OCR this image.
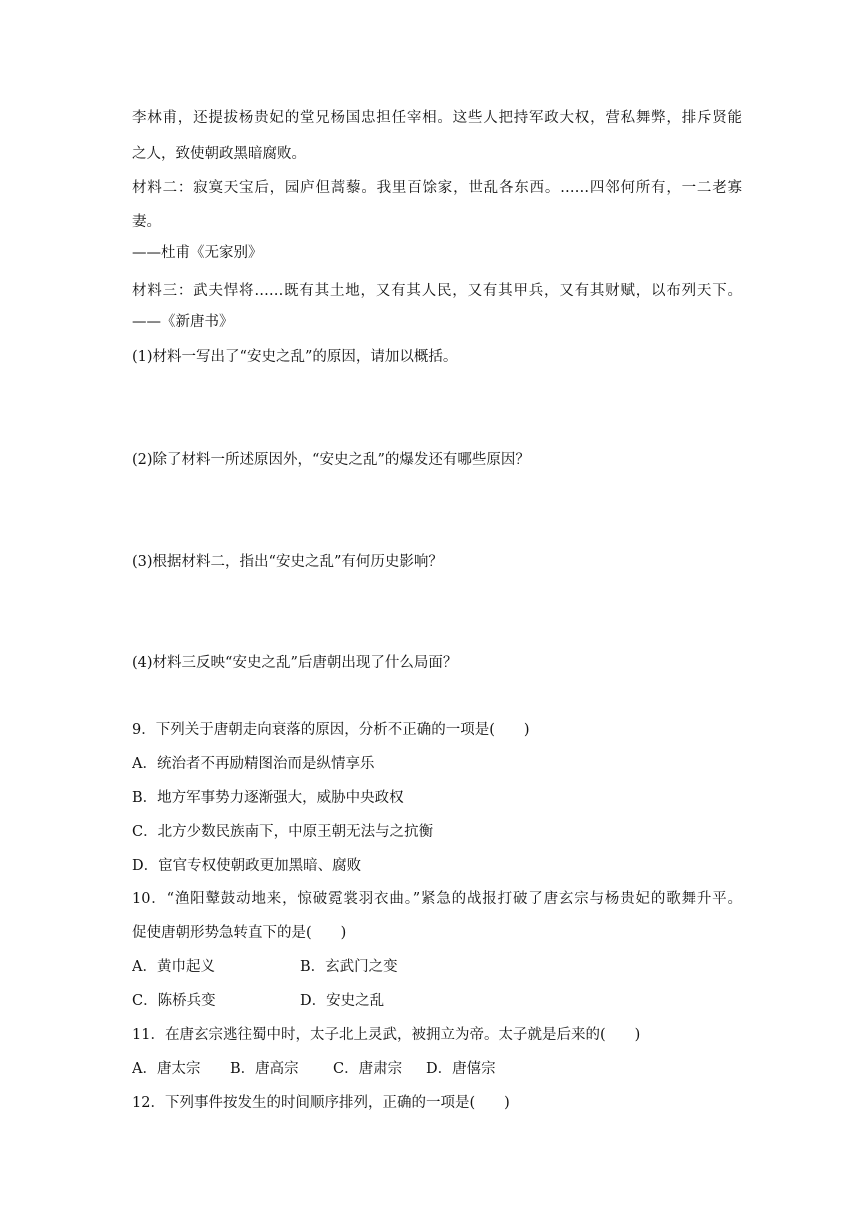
李林甫，还提拔杨贵妃的堂兄杨国忠担任宰相。这些人把持军政大权，营私舞弊，排斥贤能
之人，致使朝政黑暗腐败。
材料二：寂寞天宝后，园庐但蒿藜。我里百馀家，世乱各东西。……四邻何所有，一二老寡
妻。
——杜甫《无家别》
材料三：武夫悍将……既有其土地，又有其人民，又有其甲兵，又有其财赋，以布列天下。
——《新唐书》
(1)材料一写出了“安史之乱”的原因，请加以概括。
(2)除了材料一所述原因外，“安史之乱”的爆发还有哪些原因？
(3)根据材料二，指出“安史之乱”有何历史影响？
(4)材料三反映“安史之乱”后唐朝出现了什么局面？
9．下列关于唐朝走向衰落的原因，分析不正确的一项是(　　)
A．统治者不再励精图治而是纵情享乐
B．地方军事势力逐渐强大，威胁中央政权
C．北方少数民族南下，中原王朝无法与之抗衡
D．宦官专权使朝政更加黑暗、腐败
10．“渔阳鼙鼓动地来，惊破霓裳羽衣曲。”紧急的战报打破了唐玄宗与杨贵妃的歌舞升平。
促使唐朝形势急转直下的是(　　)
A．黄巾起义	B．玄武门之变
C．陈桥兵变	D．安史之乱
11．在唐玄宗逃往蜀中时，太子北上灵武，被拥立为帝。太子就是后来的(　　)
A．唐太宗	B．唐高宗	C．唐肃宗	D．唐僖宗
12．下列事件按发生的时间顺序排列，正确的一项是(　　)
